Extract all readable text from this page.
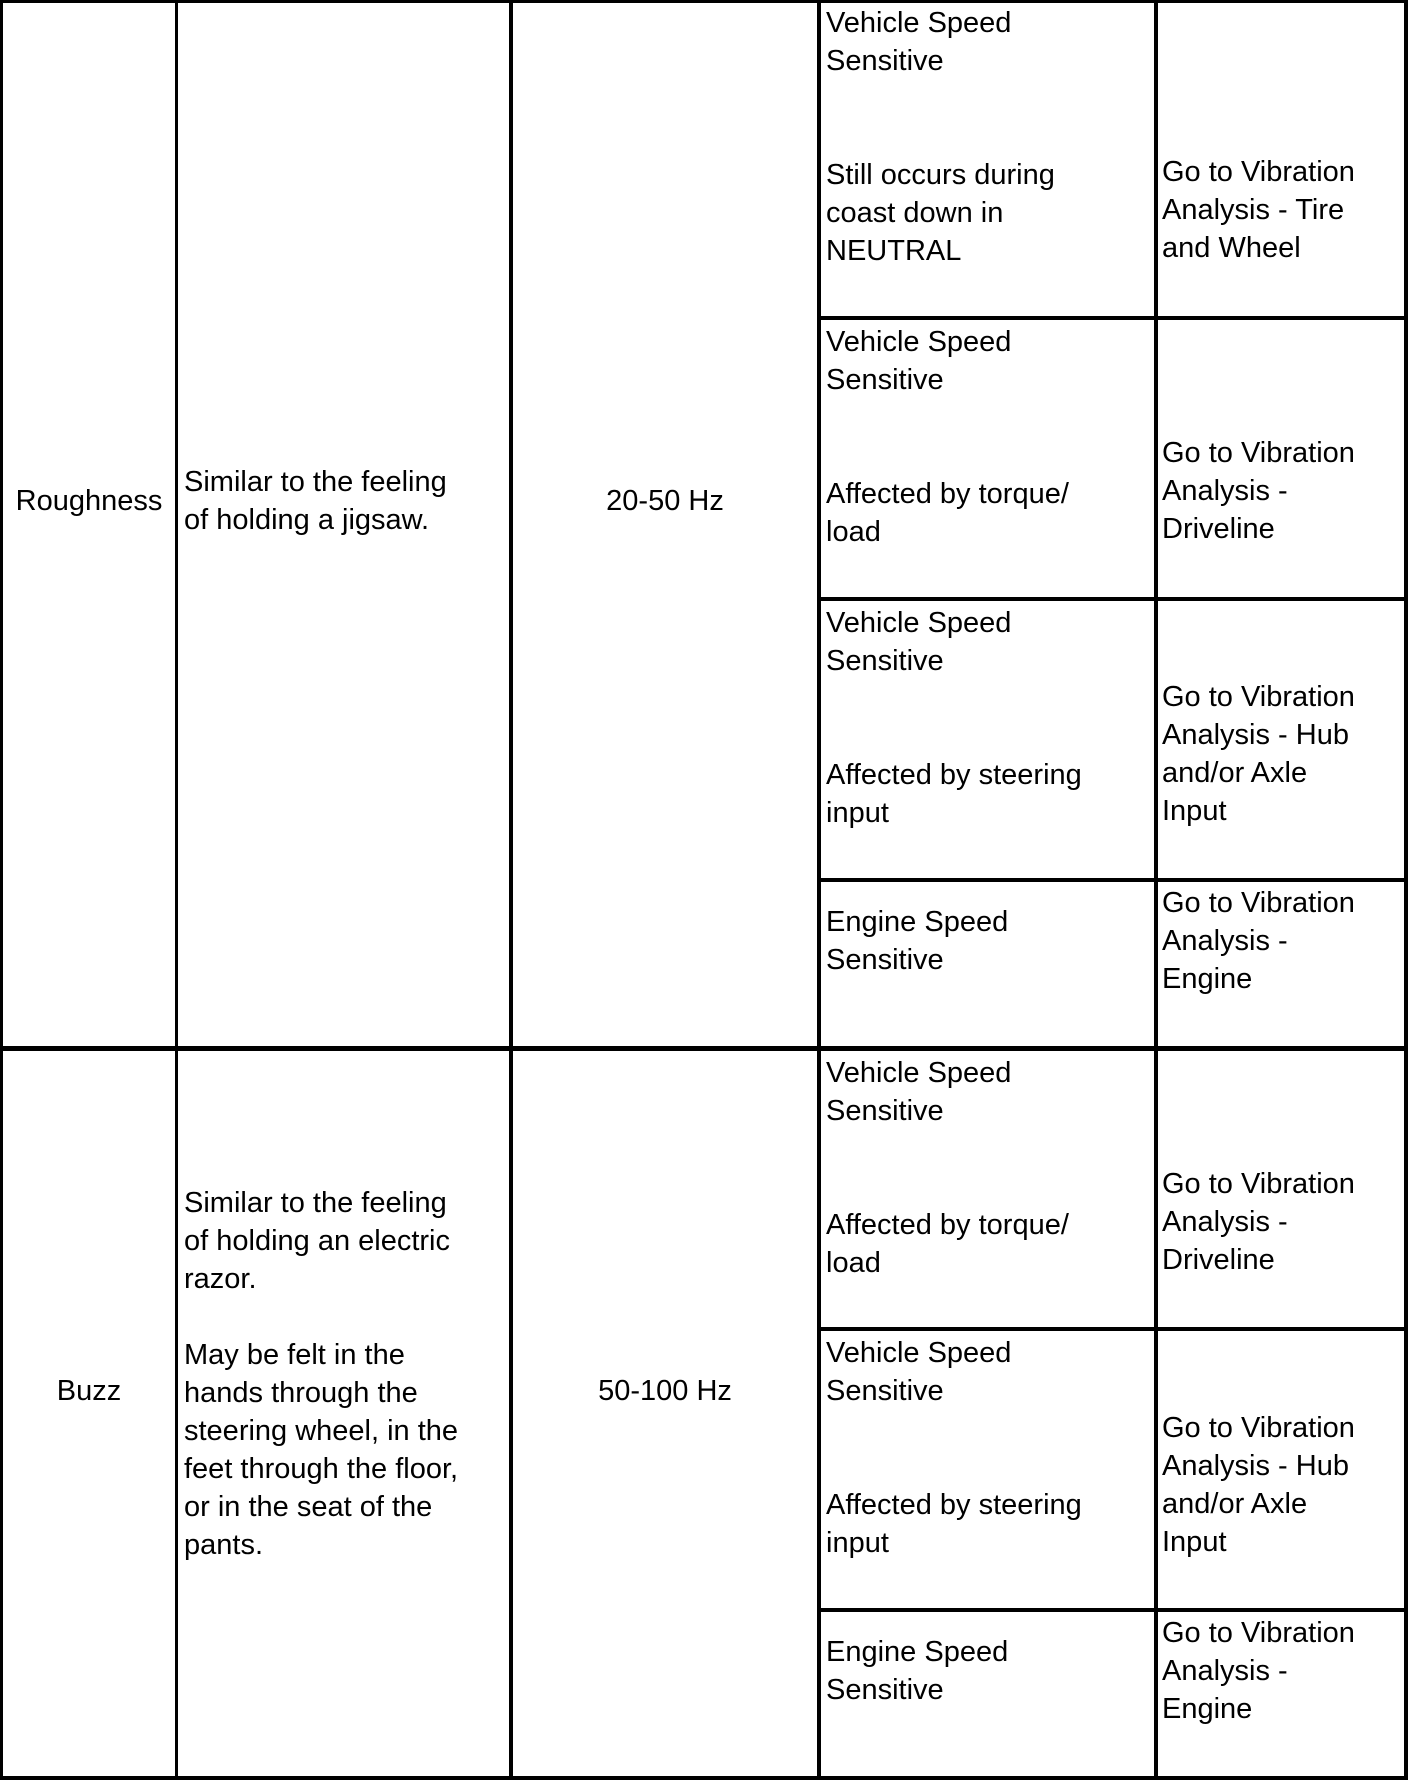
Roughness
Similar to the feeling
of holding a jigsaw.
20-50 Hz
Vehicle Speed
Sensitive

Still occurs during
coast down in
NEUTRAL
Go to Vibration
Analysis - Tire
and Wheel
Vehicle Speed
Sensitive

Affected by torque/
load
Go to Vibration
Analysis -
Driveline
Vehicle Speed
Sensitive

Affected by steering
input
Go to Vibration
Analysis - Hub
and/or Axle
Input
Engine Speed
Sensitive
Go to Vibration
Analysis -
Engine
Buzz
Similar to the feeling
of holding an electric
razor.

May be felt in the
hands through the
steering wheel, in the
feet through the floor,
or in the seat of the
pants.
50-100 Hz
Vehicle Speed
Sensitive

Affected by torque/
load
Go to Vibration
Analysis -
Driveline
Vehicle Speed
Sensitive

Affected by steering
input
Go to Vibration
Analysis - Hub
and/or Axle
Input
Engine Speed
Sensitive
Go to Vibration
Analysis -
Engine
